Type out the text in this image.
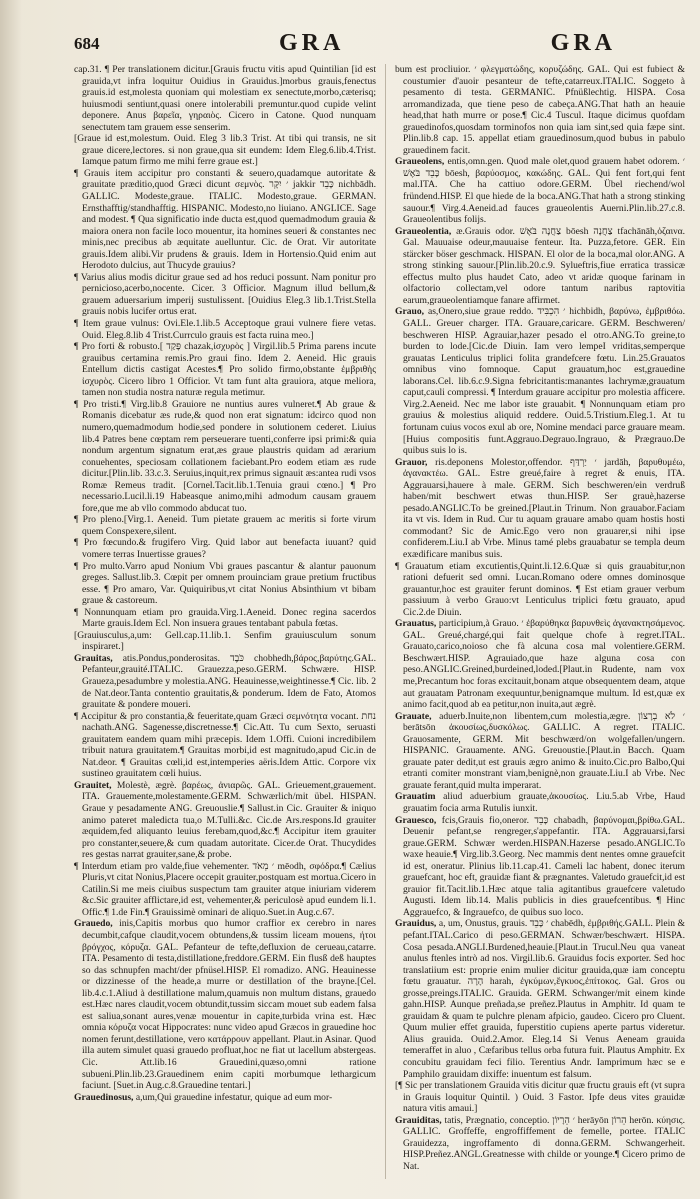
684	GRA	GRA

cap.31. ¶ Per translationem dicitur.[Grauis fructu vitis apud Quintilian [id est grauida,vt infra loquitur Ouidius in Grauidus.]morbus grauis,fenectus grauis.id est,molesta quoniam qui molestiam ex senectute,morbo,cæterisq; huiusmodi sentiunt,quasi onere intolerabili premuntur.quod cupide velint deponere. Anus βαρεῖα, γηραιὸς. Cicero in Catone. Quod nunquam senectutem tam grauem esse senserim.

[Graue id est,molestum. Ouid. Eleg 3 lib.3 Trist. At tibi qui transis, ne sit graue dicere,lectores. si non graue,qua sit eundem: Idem Eleg.6.lib.4.Trist. Iamque patum firmo me mihi ferre graue est.]

¶ Grauis item accipitur pro constanti & seuero,quadamque autoritate & grauitate præditio,quod Græci dicunt σεμνὸς. ׳ יִקָּר jakkir כָּבֵד nichbādh. GALLIC. Modeste,graue. ITALIC. Modesto,graue. GERMAN. Ernsthafftig/standhafftig. HISPANIC. Modesto,no liuiano. ANGLICE. Sage and modest. ¶ Qua significatio inde ducta est,quod quemadmodum grauia & maiora onera non facile loco mouentur, ita homines seueri & constantes nec minis,nec precibus ab æquitate auelluntur. Cic. de Orat. Vir autoritate grauis.Idem alibi.Vir prudens & grauis. Idem in Hortensio.Quid enim aut Herodoto dulcius, aut Thucyde grauius?

¶ Varius alius modis dicitur graue sed ad hos reduci possunt. Nam ponitur pro pernicioso,acerbo,nocente. Cicer. 3 Officior. Magnum illud bellum,& grauem aduersarium imperij sustulissent. [Ouidius Eleg.3 lib.1.Trist.Stella grauis nobis lucifer ortus erat.

¶ Item graue vulnus: Ovi.Ele.1.lib.5 Acceptoque graui vulnere fiere vetas. Ouid. Eleg.8.lib 4 Trist.Currculo grauis est facta ruina meo.]

¶ Pro forti & robusto.[ פָּקַד chazak,ἰσχυρὸς ] Virgil.lib.5 Prima parens incute grauibus certamina remis.Pro graui fino. Idem 2. Aeneid. Hic grauis Entellum dictis castigat Acestes.¶ Pro solido firmo,obstante ἐμβριθὴς ἰσχυρὸς. Cicero libro 1 Officior. Vt tam funt alta grauiora, atque meliora, tamen non studia nostra naturæ regula metimur.

¶ Pro tristi.¶ Virg.lib.8 Grauiore ne nuntius aures vulneret.¶ Ab graue & Romanis dicebatur æs rude,& quod non erat signatum: idcirco quod non numero,quemadmodum hodie,sed pondere in solutionem cederet. Liuius lib.4 Patres bene cœptam rem perseuerare tuenti,conferre ipsi primi:& quia nondum argentum signatum erat,æs graue plaustris quidam ad ærarium conuehentes, speciosam collationem faciebant.Pro eodem etiam æs rude dicitur.[Plin.lib. 33.c.3. Seruius,inquit,rex primus signauit æs:antea rudi vsos Romæ Remeus tradit. [Cornel.Tacit.lib.1.Tenuia graui cœno.] ¶ Pro necessario.Lucil.li.19 Habeasque animo,mihi admodum causam grauem fore,que me ab vllo commodo abducat tuo.

¶ Pro pleno.[Virg.1. Aeneid. Tum pietate grauem ac meritis si forte virum quem Conspexere,silent.

¶ Pro fœcundo.& frugifero Virg. Quid labor aut benefacta iuuant? quid vomere terras Inuertisse graues?

¶ Pro multo.Varro apud Nonium Vbi graues pascantur & alantur pauonum greges. Sallust.lib.3. Cœpit per omnem prouinciam graue pretium fructibus esse. ¶ Pro amaro, Var. Quiquiribus,vt citat Nonius Absinthium vt bibam graue & castoreum.

¶ Nonnunquam etiam pro grauida.Virg.1.Aeneid. Donec regina sacerdos Marte grauis.Idem Ecl. Non insuera graues tentabant pabula fœtas.

[Grauiusculus,a,um: Gell.cap.11.lib.1. Senfim grauiusculum sonum inspiraret.]

Grauitas, atis.Pondus,ponderositas. כֹּבֶד chobhedh,βάρος,βαρύτης.GAL. Pefanteur,grauité.ITALIC. Grauezza,peso.GERM. Schwære. HISP. Graueza,pesadumbre y molestia.ANG. Heauinesse,weightinesse.¶ Cic. lib. 2 de Nat.deor.Tanta contentio grauitatis,& ponderum. Idem de Fato, Atomos grauitate & pondere moueri.

¶ Accipitur & pro constantia,& feueritate,quam Græci σεμνότητα vocant. נחת nachath.ANG. Sagenesse,discretnesse.¶ Cic.Att. Tu cum Sexto, seruasti grauitatem eandem quam mihi præcepis. Idem 1.Offi. Cuioni incredibilem tribuit natura grauitatem.¶ Grauitas morbi,id est magnitudo,apud Cic.in de Nat.deor. ¶ Grauitas cœli,id est,intemperies aëris.Idem Attic. Corpore vix sustineo grauitatem cœli huius.

Grauitet, Molestè, ægrè. βαρέως, ἀνιαρῶς. GAL. Grieuement,grauement. ITA. Grauemente,molestamente.GERM. Schwærlich/mit übel. HISPAN. Graue y pesadamente ANG. Greuouslie.¶ Sallust.in Cic. Grauiter & iniquo animo pateret maledicta tua,o M.Tulli.&c. Cic.de Ars.respons.Id grauiter æquidem,fed aliquanto leuius ferebam,quod,&c.¶ Accipitur item grauiter pro constanter,seuere,& cum quadam autoritate. Cicer.de Orat. Thucydides res gestas narrat grauiter,sane,& probe.

¶ Interdum etiam pro valde,fiue vehementer. ׳ מְאֹד mēodh, σφόδρα.¶ Cælius Pluris,vt citat Nonius,Placere occepit grauiter,postquam est mortua.Cicero in Catilin.Si me meis ciuibus suspectum tam grauiter atque iniuriam viderem &c.Sic grauiter afflictare,id est, vehementer,& periculosè apud eundem li.1. Offic.¶ 1.de Fin.¶ Grauissimè ominari de aliquo.Suet.in Aug.c.67.

Grauedo, inis,Capitis morbus quo humor craffior ex cerebro in nares decumbit,cafque claudit,vocem obtundens,& tussim liceam mouens, ήτοι βρόγχος, κόρυζα. GAL. Pefanteur de tefte,defluxion de cerueau,catarre. ITA. Pesamento di testa,distillatione,freddore.GERM. Ein flusß deß hauptes so das schnupfen macht/der pfnüsel.HISP. El romadizo. ANG. Heauinesse or dizzinesse of the heade,a murre or destillation of the brayne.[Cel. lib.4.c.1.Aliud à destillatione malum,quamuis non multum distans, grauedo est.Hæc nares claudit,vocem obtundit,tussim siccam mouet sub eadem falsa est saliua,sonant aures,venæ mouentur in capite,turbida vrina est. Hæc omnia κόρυζα vocat Hippocrates: nunc video apud Græcos in grauedine hoc nomen ferunt,destillatione, vero κατάρρουν appellant. Plaut.in Asinar. Quod illa autem simulet quasi grauedo profluat,hoc ne fiat ut lacellum abstergeas. Cic. Att.lib.16 Grauedini,quæso,omni ratione subueni.Plin.lib.23.Grauedinem enim capiti morbumque lethargicum faciunt. [Suet.in Aug.c.8.Grauedine tentari.]

Grauedinosus, a,um,Qui grauedine infestatur, quique ad eum mor-

bum est procliuior. ׳ φλεγματώδης, κορυζώδης. GAL. Qui est fubiect & coustumier d'auoir pesanteur de tefte,catarreux.ITALIC. Soggeto à pesamento di testa. GERMANIC. Pfnüßlechtig. HISPA. Cosa arromandizada, que tiene peso de cabeça.ANG.That hath an heauie head,that hath murre or pose.¶ Cic.4 Tuscul. Itaque dicimus quofdam grauedinofos,quosdam torminofos non quia iam sint,sed quia fæpe sint. Plin.lib.8 cap. 15. appellat etiam grauedinosum,quod bubus in pabulo grauedinem facit.

Graueolens, entis,omn.gen. Quod male olet,quod grauem habet odorem. ׳ כָּבֵד בֹּאֶשׁ bōesh, βαρύοσμος, κακώδης. GAL. Qui fent fort,qui fent mal.ITA. Che ha cattiuo odore.GERM. Übel riechend/wol fründend.HISP. El que hiede de la boca.ANG.That hath a strong stinking sauour.¶ Virg.4.Aeneid.ad fauces graueolentis Auerni.Plin.lib.27.c.8. Graueolentibus folijs.

Graueolentia, æ.Grauis odor. צַחֲנָה בֹּאֶשׁ bōesh צַחֲנָה tfachānāh,ὀζαινα. Gal. Mauuaise odeur,mauuaise fenteur. Ita. Puzza,fetore. GER. Ein stärcker böser geschmack. HISPAN. El olor de la boca,mal olor.ANG. A strong stinking sauour.[Plin.lib.20.c.9. Sylueftris,fiue erratica trassicæ effectus multo plus haudet Cato, adeo vt aridæ quoque farinam in olfactorio collectam,vel odore tantum naribus raptovitia earum,graueolentiamque fanare affirmet.

Grauo, as,Onero,siue graue reddo. ׳ הִכְבִּיד hichbidh, βαρύνω, ἐμβριθόω. GALL. Greuer charger. ITA. Grauare,caricare. GERM. Beschweren/ beschweren HISP. Agrauiar,hazer pesado el otro.ANG.To greine,to burden to lode.[Cic.de Diuin. Iam vero lempeI vriditas,semperque grauatas Lenticulus triplici folita grandefcere fœtu. Lin.25.Grauatos omnibus vino fomnoque. Caput grauatum,hoc est,grauedine laborans.Cel. lib.6.c.9.Signa febricitantis:manantes lachrymæ,grauatum caput,cauli compressi. ¶ Interdum grauare accipitur pro molestia afficere. Virg.2.Aeneid. Nec me labor iste grauabit. ¶ Nonnunquam etiam pro grauius & molestius aliquid reddere. Ouid.5.Tristium.Eleg.1. At tu fortunam cuius vocos exul ab ore, Nomine mendaci parce grauare meam.[Huius compositis funt.Aggrauo.Degrauo.Ingrauo, & Prægrauo.De quibus suis lo is.

Grauor, ris.deponens Molestor,offendor. ׳ יַרְדַּף jardāh, βαρυθυμέω, ἀγανακτέω. GAL. Estre greué,faire à regret & enuis, ITA. Aggrauarsi,hauere à male. GERM. Sich beschweren/ein verdruß haben/mit beschwert etwas thun.HISP. Ser grauè,hazerse pesado.ANGLIC.To be greined.[Plaut.in Trinum. Non grauabor.Faciam ita vt vis. Idem in Rud. Cur tu aquam grauare amabo quam hostis hosti commodant? Sic de Amic.Ego vero non grauarer,si nihi ipse confiderem.Liu.I ab Vrbe. Minus tamé plebs grauabatur se templa deum exædificare manibus suis.

¶ Grauatum etiam excutientis,Quint.li.12.6.Quæ si quis grauabitur,non rationi defuerit sed omni. Lucan.Romano odere omnes dominosque grauantur,hoc est grauiter ferunt dominos. ¶ Est etiam grauer verbum passiuum à verbo Grauo:vt Lenticulus triplici fœtu grauato, apud Cic.2.de Diuin.

Grauatus, participium,à Grauo. ׳ ἐβαρύθηκα βαρυνθεὶς ἀγανακτησάμενος. GAL. Greué,chargé,qui fait quelque chofe à regret.ITAL. Grauato,carico,noioso che fà alcuna cosa mal volentiere.GERM. Beschwært.HISP. Agrauiado,que haze alguna cosa con peso.ANGLIC.Greined,burdeined,loded.[Plaut.in Rudente, nam vox me,Precantum hoc foras excitauit,bonam atque obsequentem deam, atque aut grauatam Patronam exequuntur,benignamque multum. Id est,quæ ex animo facit,quod ab ea petitur,non inuita,aut ægrè.

Grauate, aduerb.Inuite,non libentem,cum molestia,ægre. ׳ לֹא בְרָצוֹן berātsōn ἀκουσίως,δυσκόλως. GALLIC. A regret. ITALIC. Grauosamente, GERM. Mit beschwærd/on wolgefallen/ungern. HISPANIC. Grauamente. ANG. Greuoustie.[Plaut.in Bacch. Quam grauate pater dedit,ut est grauis ægro animo & inuito.Cic.pro Balbo,Qui etranti comiter monstrant viam,benignè,non grauate.Liu.I ab Vrbe. Nec grauate ferant,quid multa imperarat.

Grauatim aliud aduerbium grauate,ἀκουσίως. Liu.5.ab Vrbe, Haud grauatim focia arma Rutulis iunxit.

Grauesco, fcis,Grauis fio,oneror. כָּבֵד chabadh, βαρύνομαι,βρίθω.GAL. Deuenir pefant,se rengreger,s'appefantir. ITA. Aggrauarsi,farsi graue.GERM. Schwær werden.HISPAN.Hazerse pesado.ANGLIC.To waxe heauie.¶ Virg.lib.3.Georg. Nec mammis dent nentes omne grauefcit id est, oneratur. Plinius lib.11.cap.41. Cameli lac habent, donec iterum grauefcant, hoc eft, grauidæ fiant & prægnantes. Valetudo grauefcit,id est grauior fit.Tacit.lib.1.Hæc atque talia agitantibus grauefcere valetudo Augusti. Idem lib.14. Malis publicis in dies grauefcentibus. ¶ Hinc Aggrauefco, & Ingrauefco, de quibus suo loco.

Grauidus, a, um, Onustus, grauis. ׳ כָּבֵד chabēdh, ἐμβριθής.GALL. Plein & pefant.ITAL.Carico di peso.GERMAN. Schwær/beschwært. HISPA. Cosa pesada.ANGLI.Burdened,heauie.[Plaut.in Trucul.Neu qua vaneat anulus ftenles intrò ad nos. Virgil.lib.6. Grauidus focis exporter. Sed hoc translatiium est: proprie enim mulier dicitur grauida,quæ iam conceptu fœtu grauatur. הָרָה harah, ἐγκύμων,ἔγκυος,ἐπίτοκος. Gal. Gros ou grosse,preings.ITALIC. Grauida. GERM. Schwanger/mit einem kinde gahn.HISP. Aunque preñada,se preñez.Plautus in Amphitr. Id quam te grauidam & quam te pulchre plenam afpicio, gaudeo. Cicero pro Cluent. Quum mulier effet grauida, fuperstitio cupiens aperte partus videretur. Alius grauida. Ouid.2.Amor. Eleg.14 Si Venus Aeneam grauida temeraffet in aluo , Cæfaribus tellus orba futura fuit. Plautus Amphitr. Ex concubitu grauidam feci filio. Terentius Andr. Iamprimum hæc se e Pamphilo grauidam dixiffe: inuentum est falsum.

[¶ Sic per translationem Grauida vitis dicitur quæ fructu grauis eft (vt supra in Grauis loquitur Quintil. ) Ouid. 3 Fastor. Ipfe deus vites grauidæ natura vitis amaui.]

Grauiditas, tatis, Prægnatio, conceptio. ׳ הֵרָיוֹן herāyōn הֵרוֹן herōn. κύησις. GALLIC. Groffeffe, engroffiffement de femelle, portee. ITALIC Grauidezza, ingroffamento di donna.GERM. Schwangerheit. HISP.Preñez.ANGL.Greatnesse with childe or younge.¶ Cicero primo de Nat.
